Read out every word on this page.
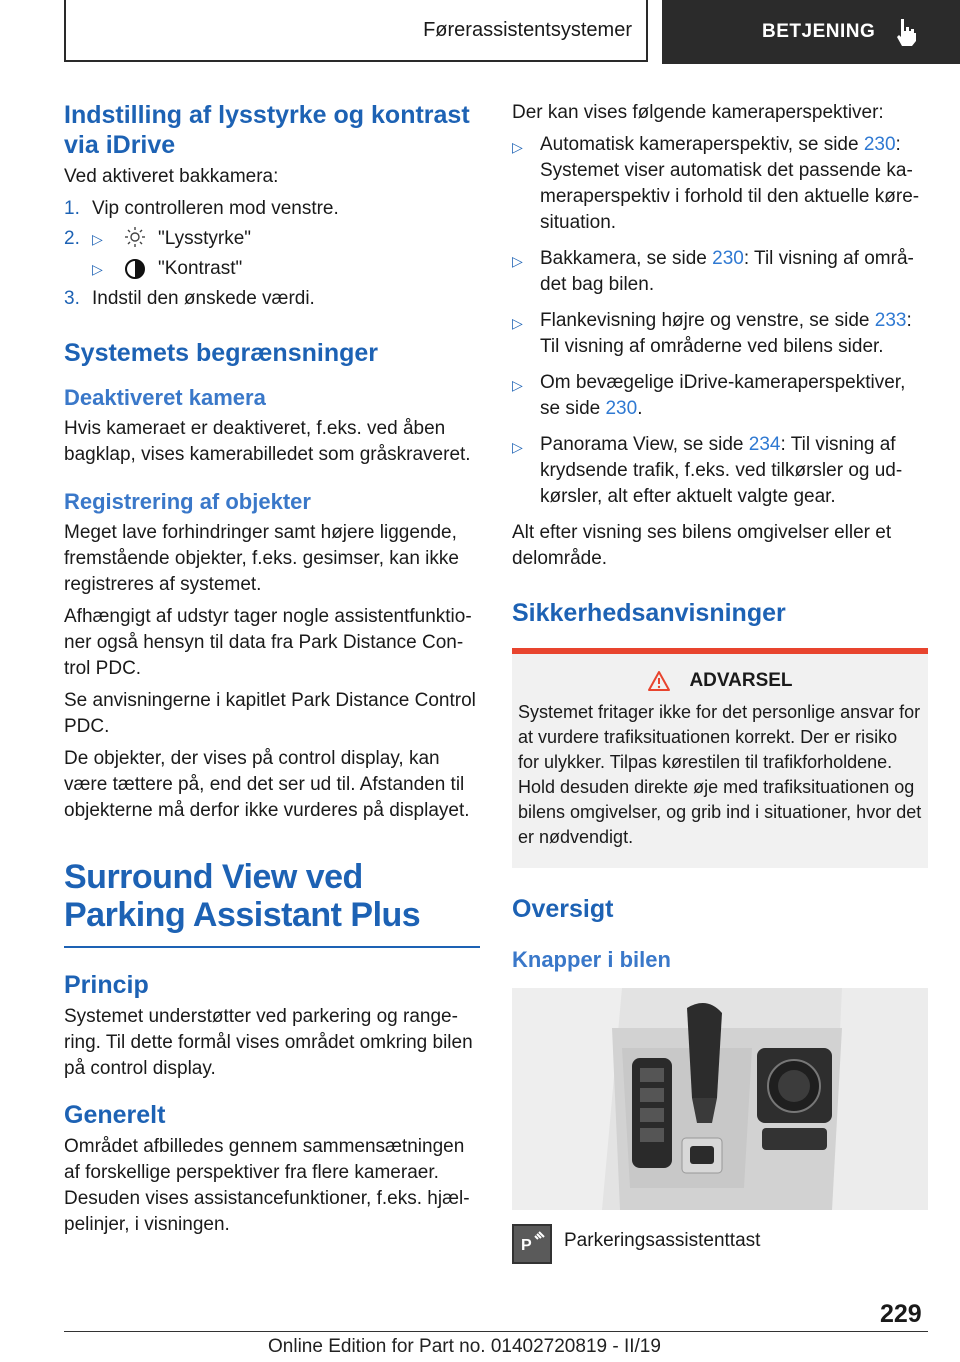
Førerassistentsystemer	BETJENING
Indstilling af lysstyrke og kontrast via iDrive

Ved aktiveret bakkamera:

1. Vip controlleren mod venstre.
2. ▷	"Lysstyrke"
▷	"Kontrast"
3. Indstil den ønskede værdi.
Systemets begrænsninger
Deaktiveret kamera

Hvis kameraet er deaktiveret, f.eks. ved åben bagklap, vises kamerabilledet som gråskraveret.

Registrering af objekter

Meget lave forhindringer samt højere liggende, fremstående objekter, f.eks. gesimser, kan ikke registreres af systemet.

Afhængigt af udstyr tager nogle assistentfunktioner også hensyn til data fra Park Distance Control PDC.

Se anvisningerne i kapitlet Park Distance Control PDC.

De objekter, der vises på control display, kan være tættere på, end det ser ud til. Afstanden til objekterne må derfor ikke vurderes på displayet.

Surround View ved Parking Assistant Plus
Princip

Systemet understøtter ved parkering og rangering. Til dette formål vises området omkring bilen på control display.

Generelt

Området afbilledes gennem sammensætningen af forskellige perspektiver fra flere kameraer. Desuden vises assistancefunktioner, f.eks. hjælpelinjer, i visningen.

Der kan vises følgende kameraperspektiver:

▷ Automatisk kameraperspektiv, se side 230: Systemet viser automatisk det passende kameraperspektiv i forhold til den aktuelle køresituation.
▷ Bakkamera, se side 230: Til visning af området bag bilen.
▷ Flankevisning højre og venstre, se side 233: Til visning af områderne ved bilens sider.
▷ Om bevægelige iDrive-kameraperspektiver, se side 230.
▷ Panorama View, se side 234: Til visning af krydsende trafik, f.eks. ved tilkørsler og udkørsler, alt efter aktuelt valgte gear.

Alt efter visning ses bilens omgivelser eller et delområde.

Sikkerhedsanvisninger
ADVARSEL

Systemet fritager ikke for det personlige ansvar for at vurdere trafiksituationen korrekt. Der er risiko for ulykker. Tilpas kørestilen til trafikforholdene. Hold desuden direkte øje med trafiksituationen og bilens omgivelser, og grib ind i situationer, hvor det er nødvendigt.

Oversigt
Knapper i bilen
P Parkeringsassistenttast
229
Online Edition for Part no. 01402720819 - II/19
